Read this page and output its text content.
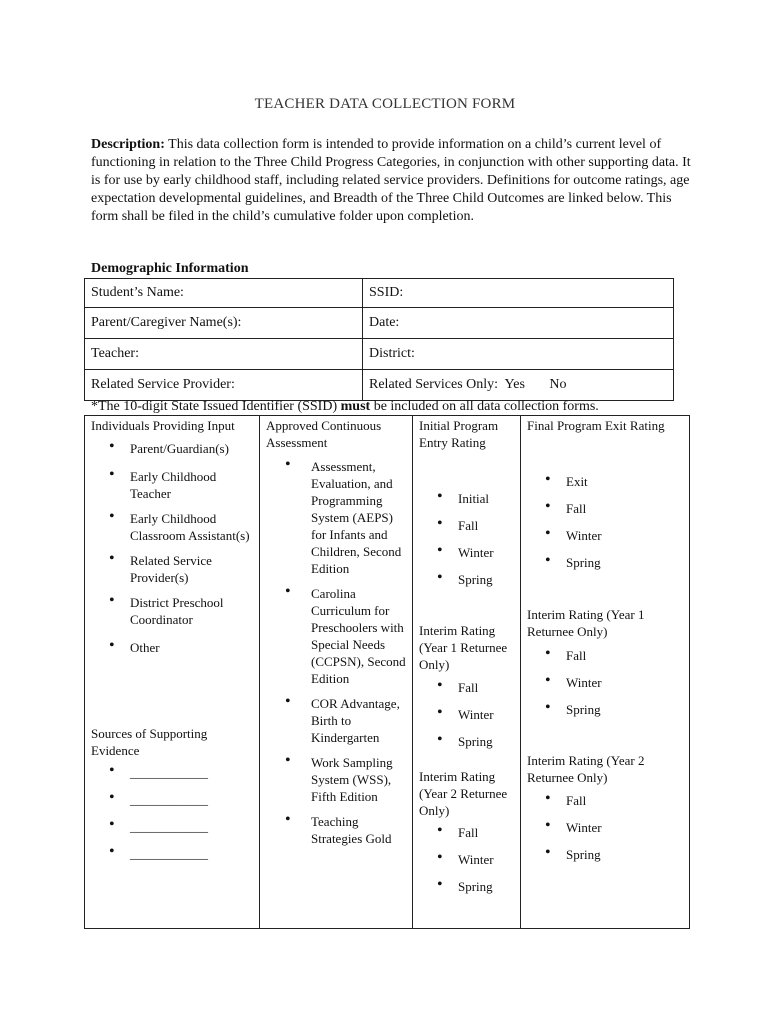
TEACHER DATA COLLECTION FORM
Description: This data collection form is intended to provide information on a child’s current level of functioning in relation to the Three Child Progress Categories, in conjunction with other supporting data. It is for use by early childhood staff, including related service providers. Definitions for outcome ratings, age expectation developmental guidelines, and Breadth of the Three Child Outcomes are linked below. This form shall be filed in the child’s cumulative folder upon completion.
Demographic Information
Student’s Name:	SSID:
Parent/Caregiver Name(s):	Date:
Teacher:	District:
Related Service Provider:	Related Services Only:  Yes       No
*The 10-digit State Issued Identifier (SSID) must be included on all data collection forms.
Individuals Providing Input
• Parent/Guardian(s)
• Early Childhood Teacher
• Early Childhood Classroom Assistant(s)
• Related Service Provider(s)
• District Preschool Coordinator
• Other
Sources of Supporting Evidence
• ____________
• ____________
• ____________
• ____________
Approved Continuous Assessment
• Assessment, Evaluation, and Programming System (AEPS) for Infants and Children, Second Edition
• Carolina Curriculum for Preschoolers with Special Needs (CCPSN), Second Edition
• COR Advantage, Birth to Kindergarten
• Work Sampling System (WSS), Fifth Edition
• Teaching Strategies Gold
Initial Program Entry Rating
• Initial
• Fall
• Winter
• Spring
Interim Rating (Year 1 Returnee Only)
• Fall
• Winter
• Spring
Interim Rating (Year 2 Returnee Only)
• Fall
• Winter
• Spring
Final Program Exit Rating
• Exit
• Fall
• Winter
• Spring
Interim Rating (Year 1 Returnee Only)
• Fall
• Winter
• Spring
Interim Rating (Year 2 Returnee Only)
• Fall
• Winter
• Spring
